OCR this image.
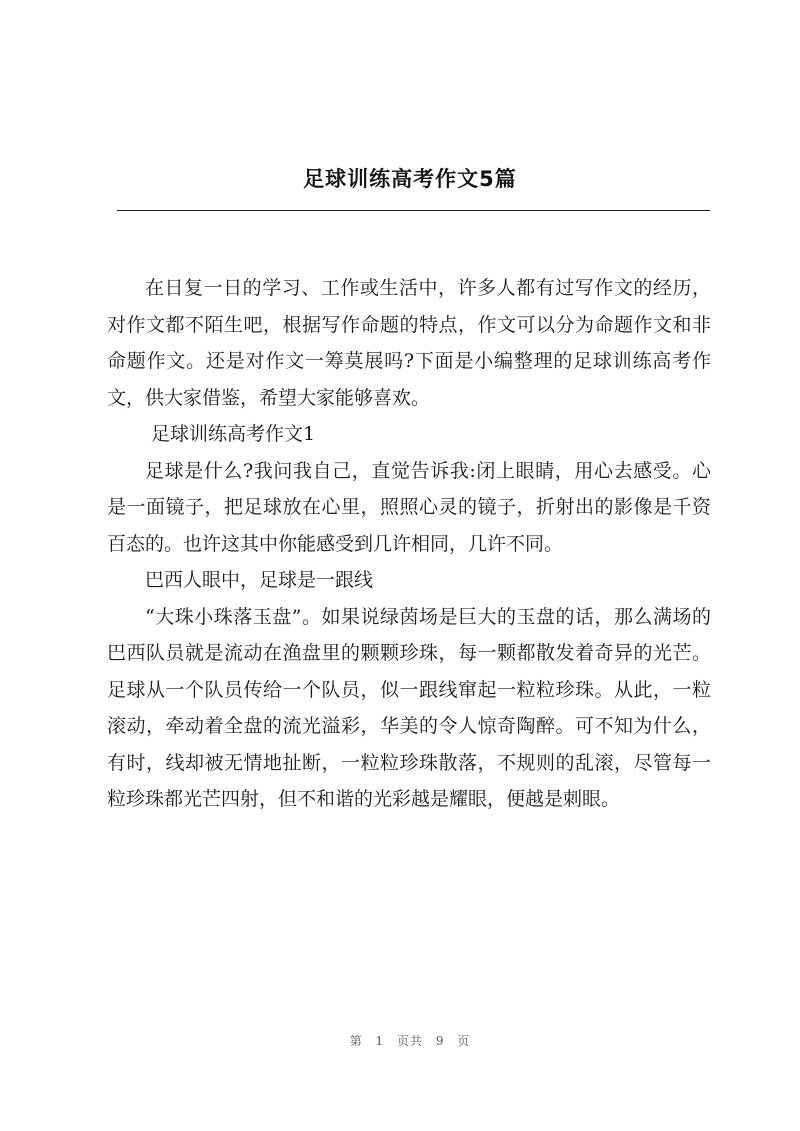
足球训练高考作文5篇

在日复一日的学习、工作或生活中，许多人都有过写作文的经历，对作文都不陌生吧，根据写作命题的特点，作文可以分为命题作文和非命题作文。还是对作文一筹莫展吗?下面是小编整理的足球训练高考作文，供大家借鉴，希望大家能够喜欢。

足球训练高考作文1

足球是什么?我问我自己，直觉告诉我:闭上眼睛，用心去感受。心是一面镜子，把足球放在心里，照照心灵的镜子，折射出的影像是千资百态的。也许这其中你能感受到几许相同，几许不同。

巴西人眼中，足球是一跟线

“大珠小珠落玉盘”。如果说绿茵场是巨大的玉盘的话，那么满场的巴西队员就是流动在渔盘里的颗颗珍珠，每一颗都散发着奇异的光芒。足球从一个队员传给一个队员，似一跟线窜起一粒粒珍珠。从此，一粒滚动，牵动着全盘的流光溢彩，华美的令人惊奇陶醉。可不知为什么，有时，线却被无情地扯断，一粒粒珍珠散落，不规则的乱滚，尽管每一粒珍珠都光芒四射，但不和谐的光彩越是耀眼，便越是刺眼。

第 1 页共 9 页
